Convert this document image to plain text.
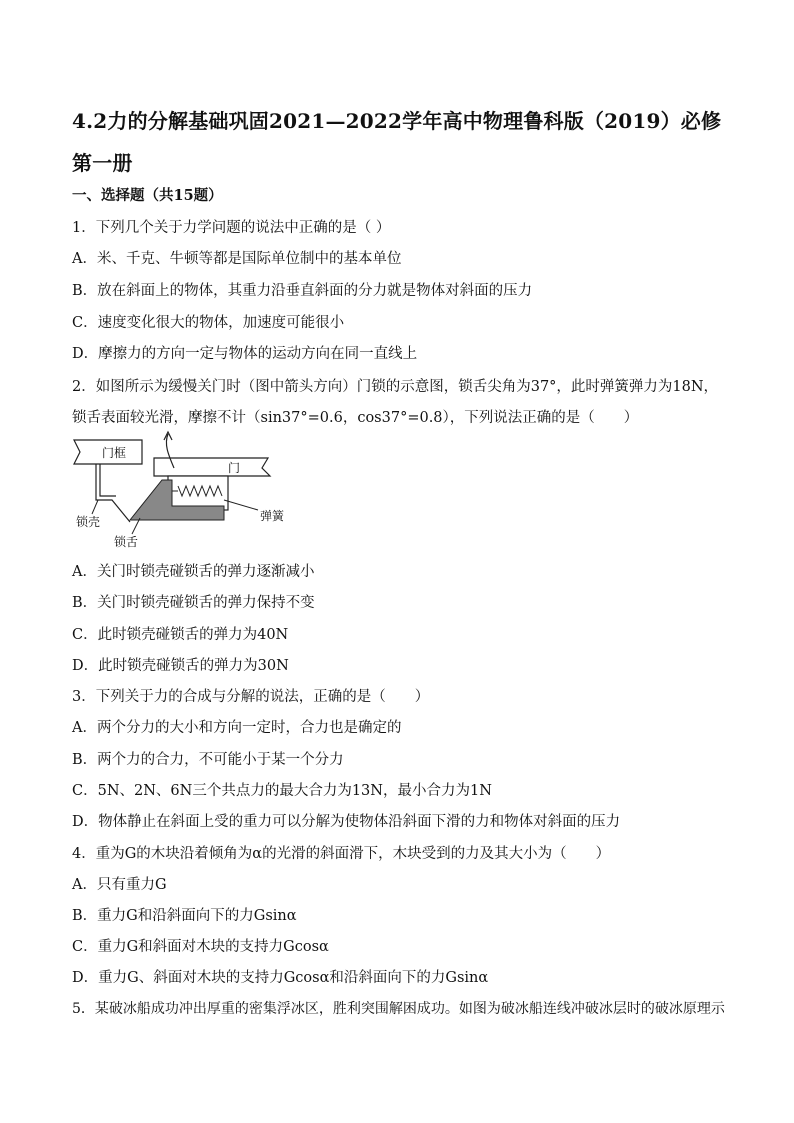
4.2力的分解基础巩固2021—2022学年高中物理鲁科版（2019）必修第一册
一、选择题（共15题）
1．下列几个关于力学问题的说法中正确的是（ ）
A．米、千克、牛顿等都是国际单位制中的基本单位
B．放在斜面上的物体，其重力沿垂直斜面的分力就是物体对斜面的压力
C．速度变化很大的物体，加速度可能很小
D．摩擦力的方向一定与物体的运动方向在同一直线上
2．如图所示为缓慢关门时（图中箭头方向）门锁的示意图，锁舌尖角为37°，此时弹簧弹力为18N，锁舌表面较光滑，摩擦不计（sin37°=0.6，cos37°=0.8），下列说法正确的是（　　）
门框
门
弹簧
锁壳
锁舌
A．关门时锁壳碰锁舌的弹力逐渐减小
B．关门时锁壳碰锁舌的弹力保持不变
C．此时锁壳碰锁舌的弹力为40N
D．此时锁壳碰锁舌的弹力为30N
3．下列关于力的合成与分解的说法，正确的是（　　）
A．两个分力的大小和方向一定时，合力也是确定的
B．两个力的合力，不可能小于某一个分力
C．5N、2N、6N三个共点力的最大合力为13N，最小合力为1N
D．物体静止在斜面上受的重力可以分解为使物体沿斜面下滑的力和物体对斜面的压力
4．重为G的木块沿着倾角为α的光滑的斜面滑下，木块受到的力及其大小为（　　）
A．只有重力G
B．重力G和沿斜面向下的力Gsinα
C．重力G和斜面对木块的支持力Gcosα
D．重力G、斜面对木块的支持力Gcosα和沿斜面向下的力Gsinα
5．某破冰船成功冲出厚重的密集浮冰区，胜利突围解困成功。如图为破冰船连线冲破冰层时的破冰原理示
